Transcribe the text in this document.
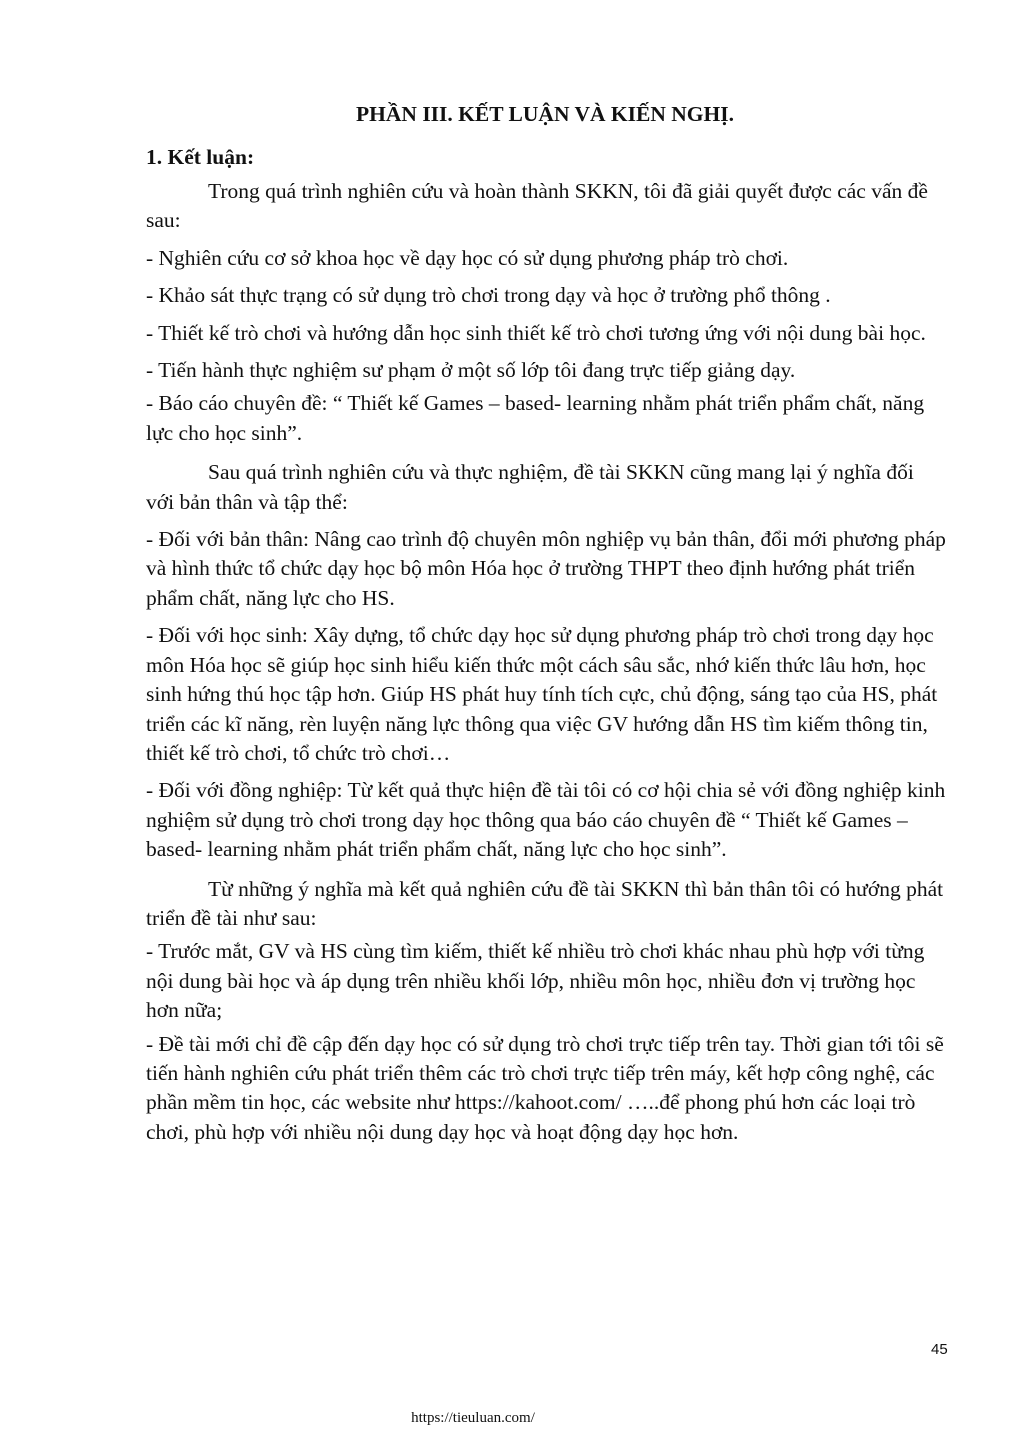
PHẦN III. KẾT LUẬN VÀ KIẾN NGHỊ.
1. Kết luận:

Trong quá trình nghiên cứu và hoàn thành SKKN, tôi đã giải quyết được các vấn đề sau:

- Nghiên cứu cơ sở khoa học về dạy học có sử dụng phương pháp trò chơi.

- Khảo sát thực trạng có sử dụng trò chơi trong dạy và học ở trường phổ thông .

- Thiết kế trò chơi và hướng dẫn học sinh thiết kế trò chơi tương ứng với nội dung bài học.

- Tiến hành thực nghiệm sư phạm ở một số lớp tôi đang trực tiếp giảng dạy.

- Báo cáo chuyên đề: “ Thiết kế Games – based- learning nhằm phát triển phẩm chất, năng lực cho học sinh”.

Sau quá trình nghiên cứu và thực nghiệm, đề tài SKKN cũng mang lại ý nghĩa đối với bản thân và tập thể:

- Đối với bản thân: Nâng cao trình độ chuyên môn nghiệp vụ bản thân, đổi mới phương pháp và hình thức tổ chức dạy học bộ môn Hóa học ở trường THPT theo định hướng phát triển phẩm chất, năng lực cho HS.

- Đối với học sinh: Xây dựng, tổ chức dạy học sử dụng phương pháp trò chơi trong dạy học môn Hóa học sẽ giúp học sinh hiểu kiến thức một cách sâu sắc, nhớ kiến thức lâu hơn, học sinh hứng thú học tập hơn. Giúp HS phát huy tính tích cực, chủ động, sáng tạo của HS, phát triển các kĩ năng, rèn luyện năng lực thông qua việc GV hướng dẫn HS tìm kiếm thông tin, thiết kế trò chơi, tổ chức trò chơi…

- Đối với đồng nghiệp: Từ kết quả thực hiện đề tài tôi có cơ hội chia sẻ với đồng nghiệp kinh nghiệm sử dụng trò chơi trong dạy học thông qua báo cáo chuyên đề “ Thiết kế Games – based- learning nhằm phát triển phẩm chất, năng lực cho học sinh”.

Từ những ý nghĩa mà kết quả nghiên cứu đề tài SKKN thì bản thân tôi có hướng phát triển đề tài như sau:

- Trước mắt, GV và HS cùng tìm kiếm, thiết kế nhiều trò chơi khác nhau phù hợp với từng nội dung bài học và áp dụng trên nhiều khối lớp, nhiều môn học, nhiều đơn vị trường học hơn nữa;

- Đề tài mới chỉ đề cập đến dạy học có sử dụng trò chơi trực tiếp trên tay. Thời gian tới tôi sẽ tiến hành nghiên cứu phát triển thêm các trò chơi trực tiếp trên máy, kết hợp công nghệ, các phần mềm tin học, các website như https://kahoot.com/ …..để phong phú hơn các loại trò chơi, phù hợp với nhiều nội dung dạy học và hoạt động dạy học hơn.

45
https://tieuluan.com/
